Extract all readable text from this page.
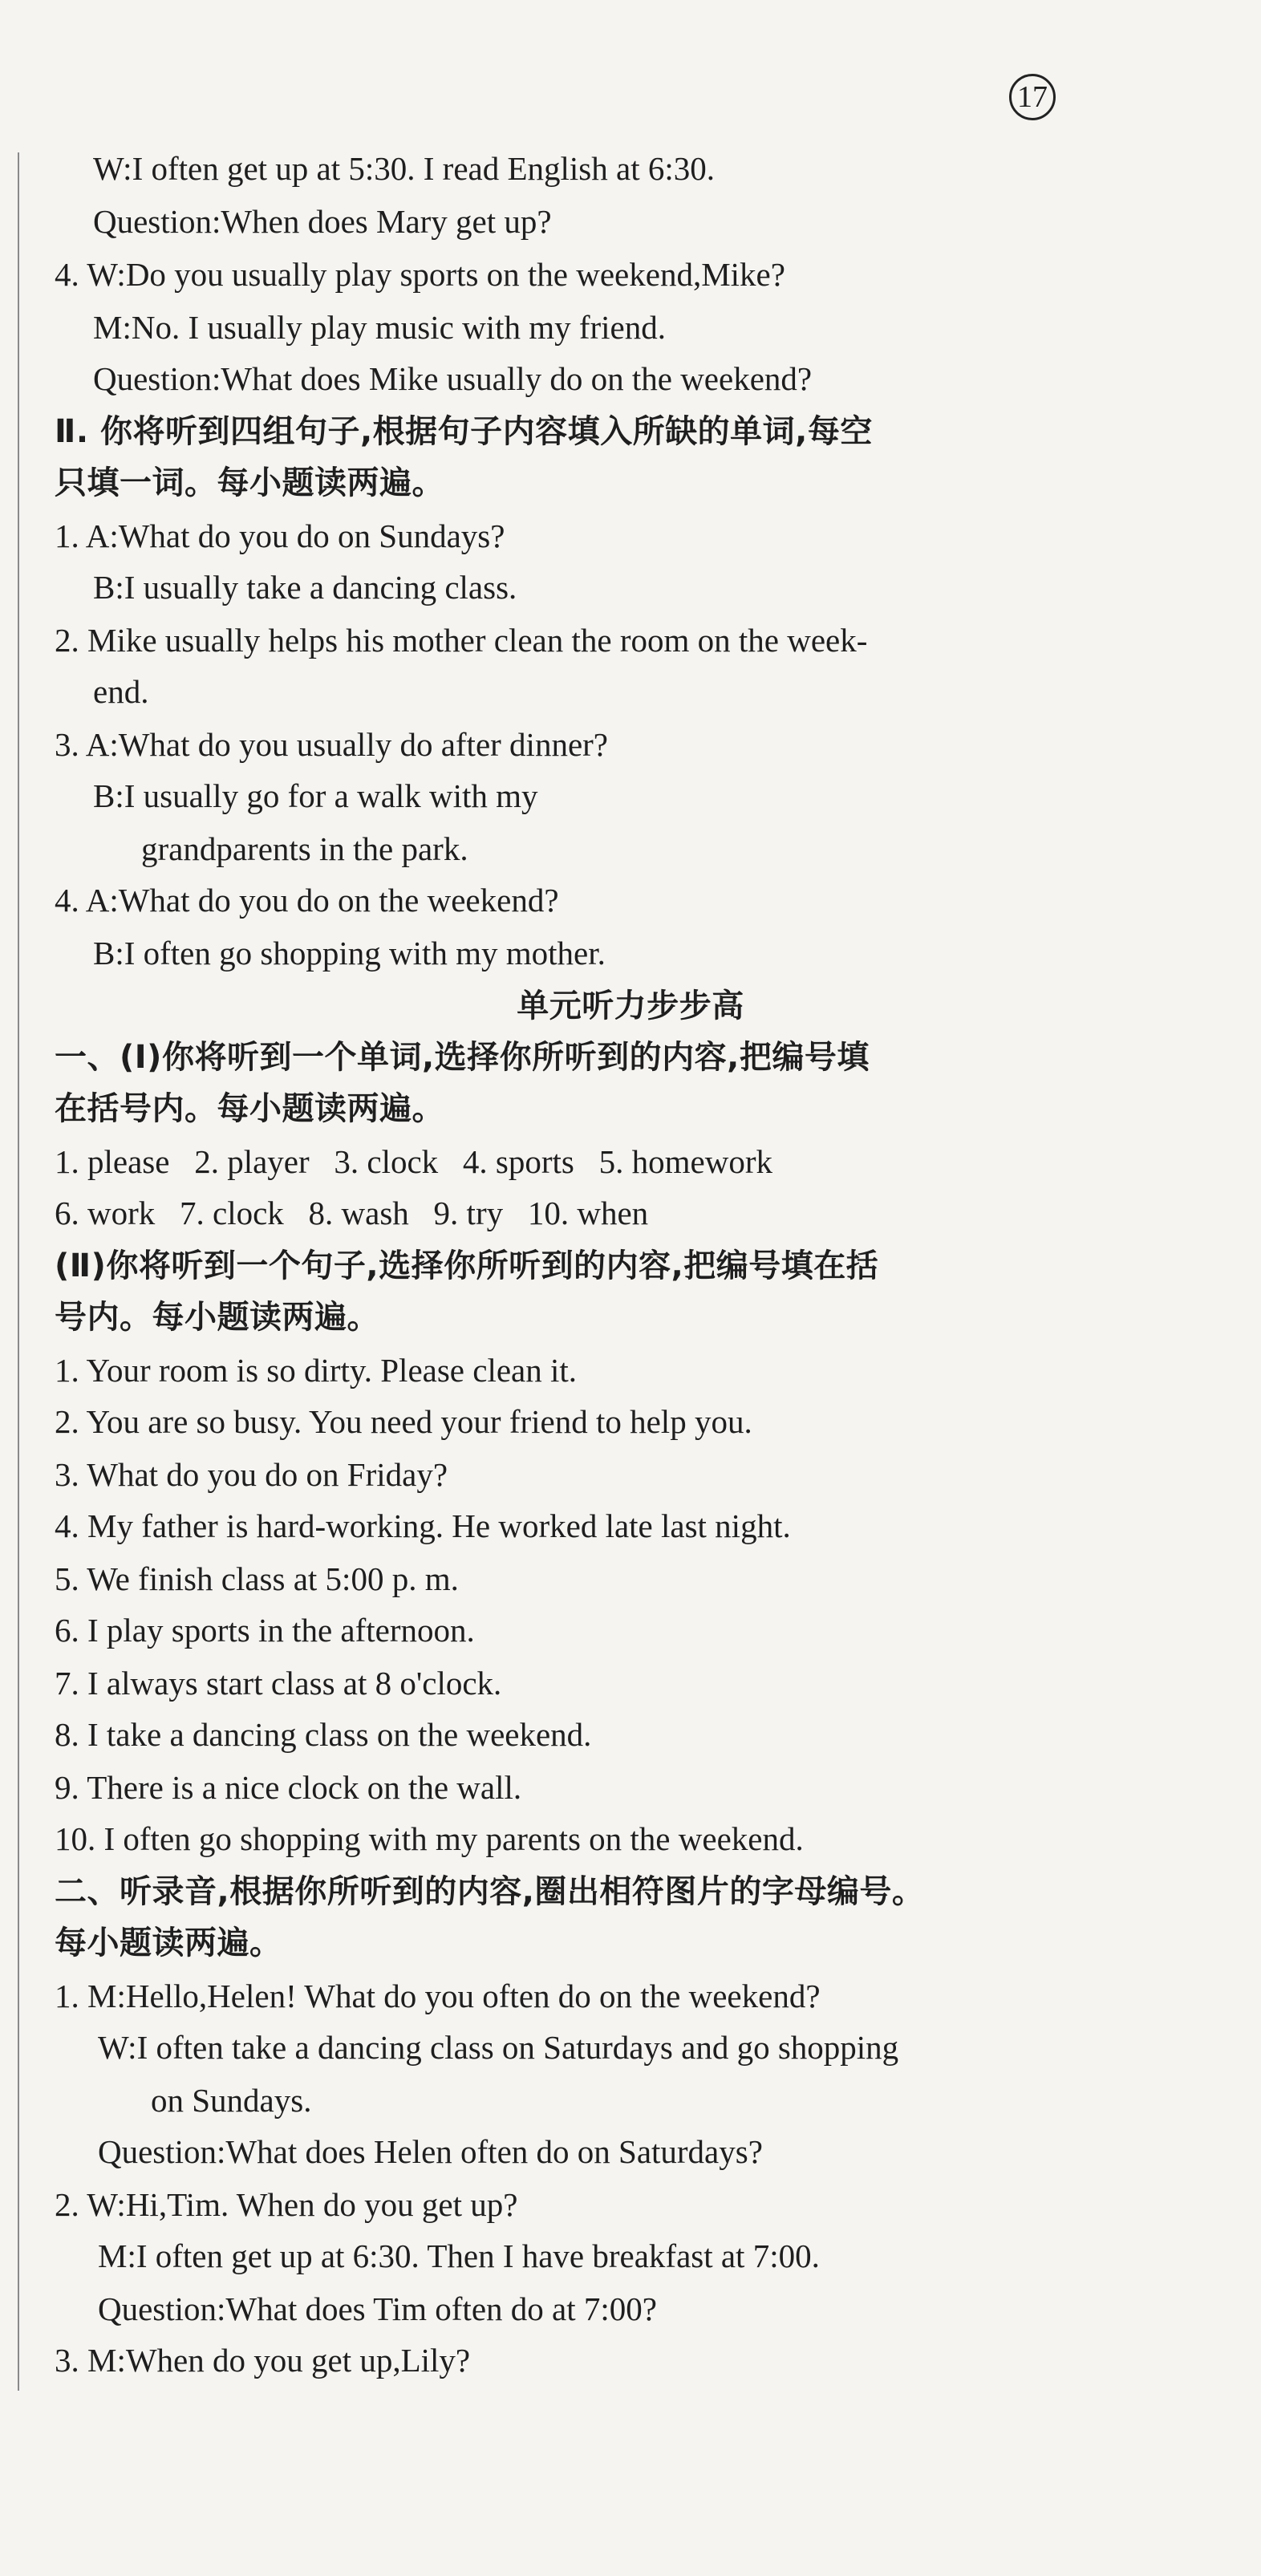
17
W:I often get up at 5:30. I read English at 6:30.
Question:When does Mary get up?
4. W:Do you usually play sports on the weekend,Mike?
M:No. I usually play music with my friend.
Question:What does Mike usually do on the weekend?
Ⅱ. 你将听到四组句子,根据句子内容填入所缺的单词,每空
只填一词。每小题读两遍。
1. A:What do you do on Sundays?
B:I usually take a dancing class.
2. Mike usually helps his mother clean the room on the week-
end.
3. A:What do you usually do after dinner?
B:I usually go for a walk with my
grandparents in the park.
4. A:What do you do on the weekend?
B:I often go shopping with my mother.
单元听力步步高
一、(Ⅰ)你将听到一个单词,选择你所听到的内容,把编号填
在括号内。每小题读两遍。
1. please   2. player   3. clock   4. sports   5. homework
6. work   7. clock   8. wash   9. try   10. when
(Ⅱ)你将听到一个句子,选择你所听到的内容,把编号填在括
号内。每小题读两遍。
1. Your room is so dirty. Please clean it.
2. You are so busy. You need your friend to help you.
3. What do you do on Friday?
4. My father is hard-working. He worked late last night.
5. We finish class at 5:00 p. m.
6. I play sports in the afternoon.
7. I always start class at 8 o'clock.
8. I take a dancing class on the weekend.
9. There is a nice clock on the wall.
10. I often go shopping with my parents on the weekend.
二、听录音,根据你所听到的内容,圈出相符图片的字母编号。
每小题读两遍。
1. M:Hello,Helen! What do you often do on the weekend?
W:I often take a dancing class on Saturdays and go shopping
on Sundays.
Question:What does Helen often do on Saturdays?
2. W:Hi,Tim. When do you get up?
M:I often get up at 6:30. Then I have breakfast at 7:00.
Question:What does Tim often do at 7:00?
3. M:When do you get up,Lily?
